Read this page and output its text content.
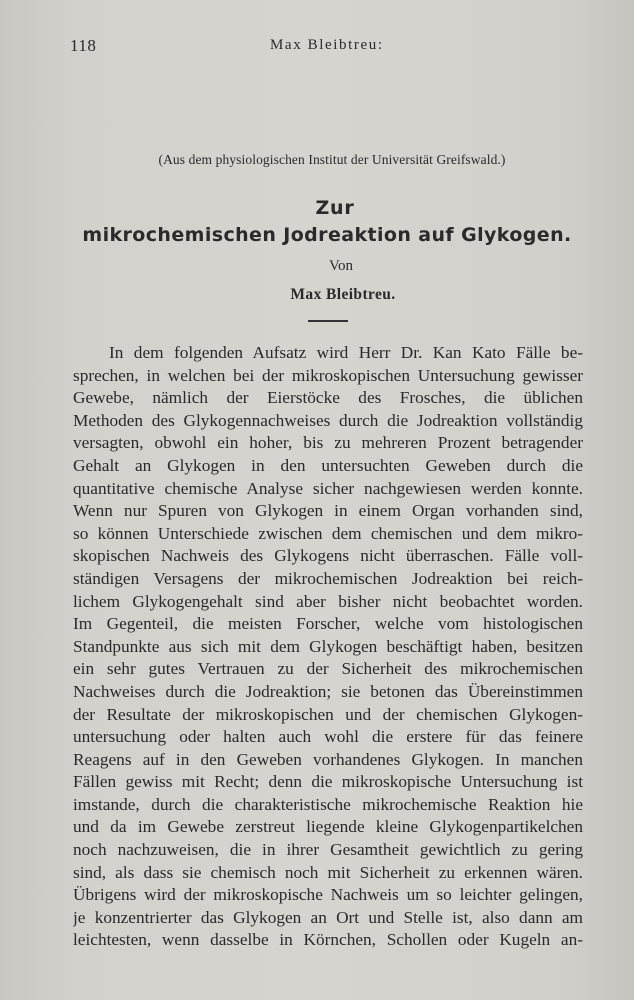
118	Max Bleibtreu:
(Aus dem physiologischen Institut der Universität Greifswald.)
Zur
mikrochemischen Jodreaktion auf Glykogen.
Von
Max Bleibtreu.
In dem folgenden Aufsatz wird Herr Dr. Kan Kato Fälle be-
sprechen, in welchen bei der mikroskopischen Untersuchung gewisser
Gewebe, nämlich der Eierstöcke des Frosches, die üblichen
Methoden des Glykogennachweises durch die Jodreaktion vollständig
versagten, obwohl ein hoher, bis zu mehreren Prozent betragender
Gehalt an Glykogen in den untersuchten Geweben durch die
quantitative chemische Analyse sicher nachgewiesen werden konnte.
Wenn nur Spuren von Glykogen in einem Organ vorhanden sind,
so können Unterschiede zwischen dem chemischen und dem mikro-
skopischen Nachweis des Glykogens nicht überraschen. Fälle voll-
ständigen Versagens der mikrochemischen Jodreaktion bei reich-
lichem Glykogengehalt sind aber bisher nicht beobachtet worden.
Im Gegenteil, die meisten Forscher, welche vom histologischen
Standpunkte aus sich mit dem Glykogen beschäftigt haben, besitzen
ein sehr gutes Vertrauen zu der Sicherheit des mikrochemischen
Nachweises durch die Jodreaktion; sie betonen das Übereinstimmen
der Resultate der mikroskopischen und der chemischen Glykogen-
untersuchung oder halten auch wohl die erstere für das feinere
Reagens auf in den Geweben vorhandenes Glykogen. In manchen
Fällen gewiss mit Recht; denn die mikroskopische Untersuchung ist
imstande, durch die charakteristische mikrochemische Reaktion hie
und da im Gewebe zerstreut liegende kleine Glykogenpartikelchen
noch nachzuweisen, die in ihrer Gesamtheit gewichtlich zu gering
sind, als dass sie chemisch noch mit Sicherheit zu erkennen wären.
Übrigens wird der mikroskopische Nachweis um so leichter gelingen,
je konzentrierter das Glykogen an Ort und Stelle ist, also dann am
leichtesten, wenn dasselbe in Körnchen, Schollen oder Kugeln an-
